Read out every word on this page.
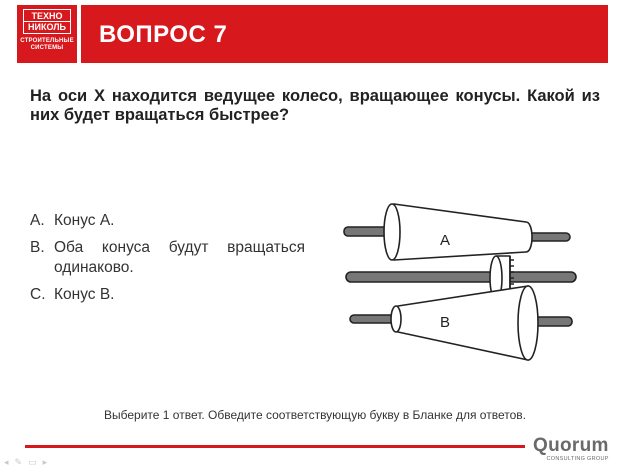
ТЕХНО
НИКОЛЬ
СТРОИТЕЛЬНЫЕ
СИСТЕМЫ	ВОПРОС 7
На оси X находится ведущее колесо, вращающее конусы. Какой из них будет вращаться быстрее?
A. Конус А.
B. Оба конуса будут вращаться одинаково.
C. Конус В.
A
B
Выберите 1 ответ. Обведите соответствующую букву в Бланке для ответов.
Quorum
CONSULTING GROUP
◂ ✎ ▭ ▸
